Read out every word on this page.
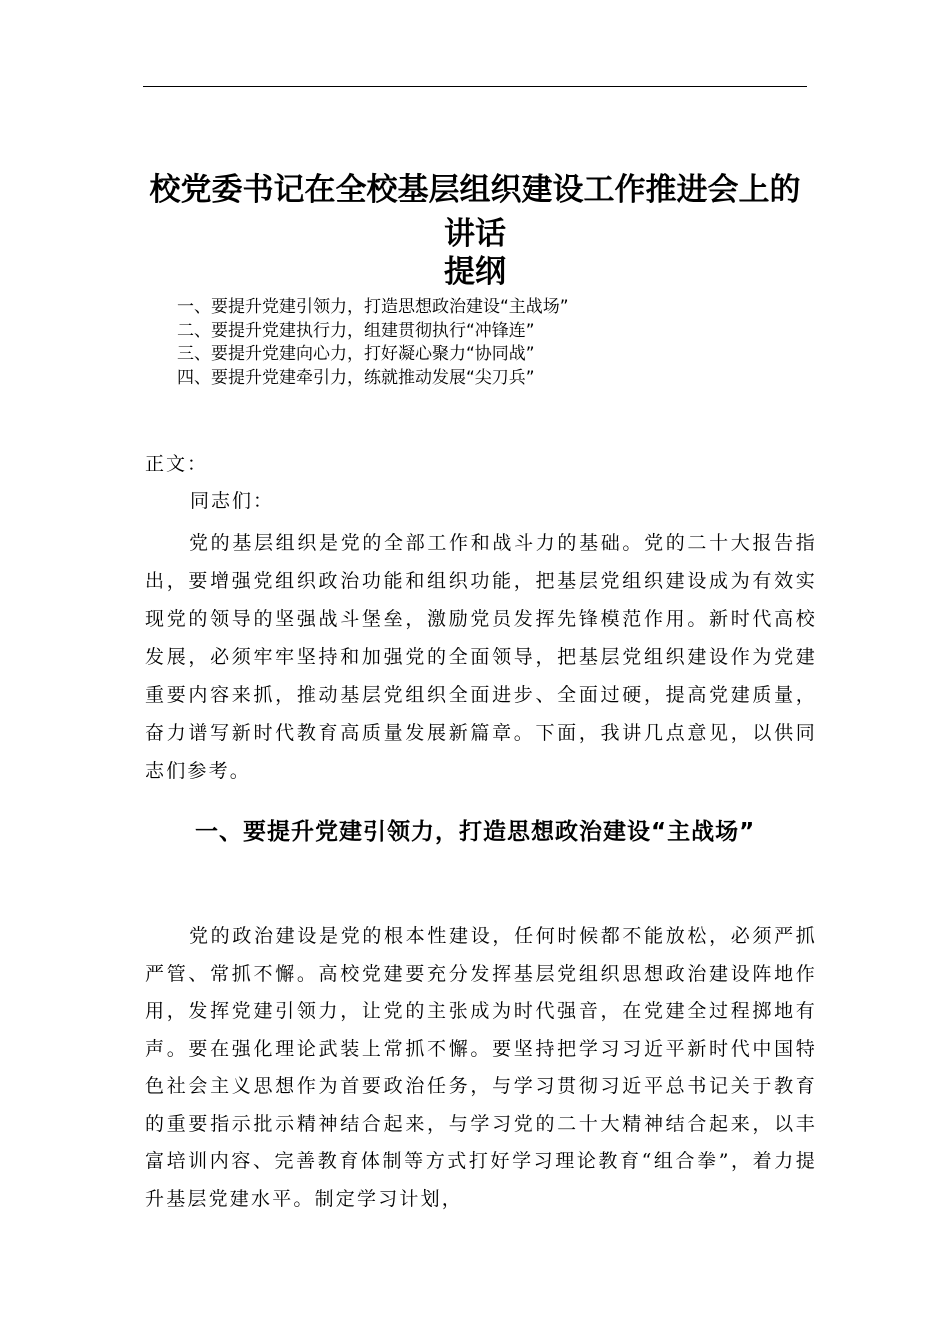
校党委书记在全校基层组织建设工作推进会上的讲话
提纲
一、要提升党建引领力，打造思想政治建设“主战场”
二、要提升党建执行力，组建贯彻执行“冲锋连”
三、要提升党建向心力，打好凝心聚力“协同战”
四、要提升党建牵引力，练就推动发展“尖刀兵”
正文：
同志们：

党的基层组织是党的全部工作和战斗力的基础。党的二十大报告指出，要增强党组织政治功能和组织功能，把基层党组织建设成为有效实现党的领导的坚强战斗堡垒，激励党员发挥先锋模范作用。新时代高校发展，必须牢牢坚持和加强党的全面领导，把基层党组织建设作为党建重要内容来抓，推动基层党组织全面进步、全面过硬，提高党建质量，奋力谱写新时代教育高质量发展新篇章。下面，我讲几点意见，以供同志们参考。

一、要提升党建引领力，打造思想政治建设“主战场”

党的政治建设是党的根本性建设，任何时候都不能放松，必须严抓严管、常抓不懈。高校党建要充分发挥基层党组织思想政治建设阵地作用，发挥党建引领力，让党的主张成为时代强音，在党建全过程掷地有声。要在强化理论武装上常抓不懈。要坚持把学习习近平新时代中国特色社会主义思想作为首要政治任务，与学习贯彻习近平总书记关于教育的重要指示批示精神结合起来，与学习党的二十大精神结合起来，以丰富培训内容、完善教育体制等方式打好学习理论教育“组合拳”，着力提升基层党建水平。制定学习计划，
